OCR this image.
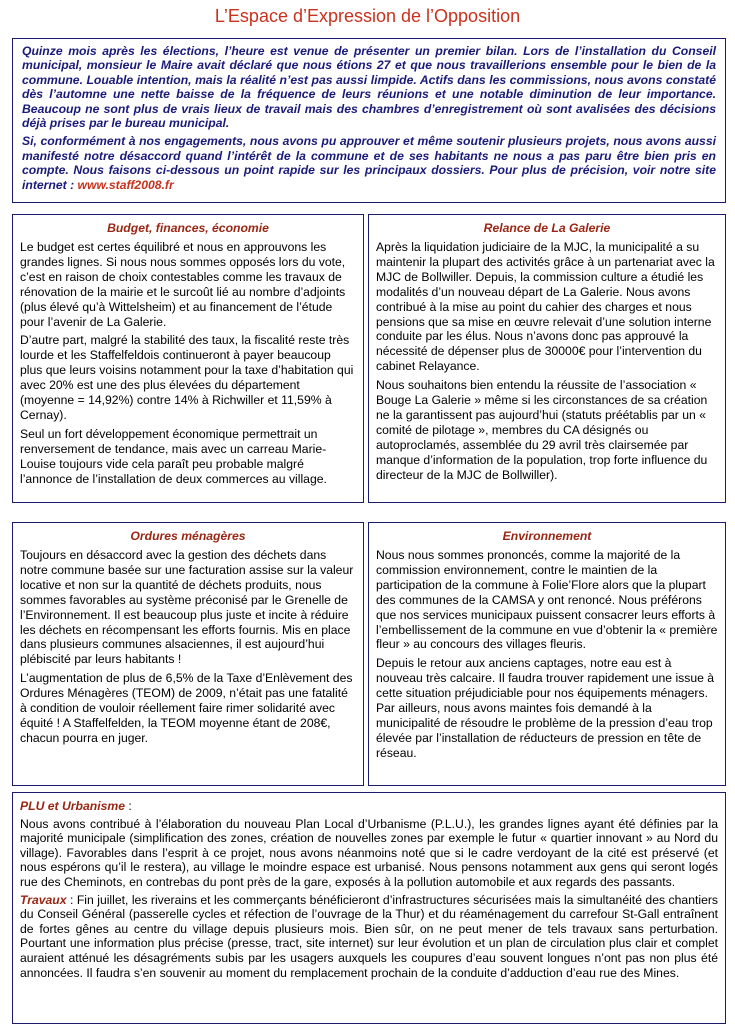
L’Espace d’Expression de l’Opposition

Quinze mois après les élections, l’heure est venue de présenter un premier bilan. Lors de l’installation du Conseil municipal, monsieur le Maire avait déclaré que nous étions 27 et que nous travaillerions ensemble pour le bien de la commune. Louable intention, mais la réalité n’est pas aussi limpide. Actifs dans les commissions, nous avons constaté dès l’automne une nette baisse de la fréquence de leurs réunions et une notable diminution de leur importance. Beaucoup ne sont plus de vrais lieux de travail mais des chambres d’enregistrement où sont avalisées des décisions déjà prises par le bureau municipal.

Si, conformément à nos engagements, nous avons pu approuver et même soutenir plusieurs projets, nous avons aussi manifesté notre désaccord quand l’intérêt de la commune et de ses habitants ne nous a pas paru être bien pris en compte. Nous faisons ci-dessous un point rapide sur les principaux dossiers. Pour plus de précision, voir notre site internet : www.staff2008.fr

Budget, finances, économie

Le budget est certes équilibré et nous en approuvons les grandes lignes. Si nous nous sommes opposés lors du vote, c’est en raison de choix contestables comme les travaux de rénovation de la mairie et le surcoût lié au nombre d’adjoints (plus élevé qu’à Wittelsheim) et au financement de l’étude pour l’avenir de La Galerie.

D’autre part, malgré la stabilité des taux, la fiscalité reste très lourde et les Staffelfeldois continueront à payer beaucoup plus que leurs voisins notamment pour la taxe d’habitation qui avec 20% est une des plus élevées du département (moyenne = 14,92%) contre 14% à Richwiller et 11,59% à Cernay).

Seul un fort développement économique permettrait un renversement de tendance, mais avec un carreau Marie-Louise toujours vide cela paraît peu probable malgré l’annonce de l’installation de deux commerces au village.

Relance de La Galerie

Après la liquidation judiciaire de la MJC, la municipalité a su maintenir la plupart des activités grâce à un partenariat avec la MJC de Bollwiller. Depuis, la commission culture a étudié les modalités d’un nouveau départ de La Galerie. Nous avons contribué à la mise au point du cahier des charges et nous pensions que sa mise en œuvre relevait d’une solution interne conduite par les élus. Nous n’avons donc pas approuvé la nécessité de dépenser plus de 30000€ pour l’intervention du cabinet Relayance.

Nous souhaitons bien entendu la réussite de l’association « Bouge La Galerie » même si les circonstances de sa création ne la garantissent pas aujourd’hui (statuts préétablis par un « comité de pilotage », membres du CA désignés ou autoproclamés, assemblée du 29 avril très clairsemée par manque d’information de la population, trop forte influence du directeur de la MJC de Bollwiller).

Ordures ménagères

Toujours en désaccord avec la gestion des déchets dans notre commune basée sur une facturation assise sur la valeur locative et non sur la quantité de déchets produits, nous sommes favorables au système préconisé par le Grenelle de l’Environnement. Il est beaucoup plus juste et incite à réduire les déchets en récompensant les efforts fournis. Mis en place dans plusieurs communes alsaciennes, il est aujourd’hui plébiscité par leurs habitants !

L’augmentation de plus de 6,5% de la Taxe d’Enlèvement des Ordures Ménagères (TEOM) de 2009, n’était pas une fatalité à condition de vouloir réellement faire rimer solidarité avec équité ! A Staffelfelden, la TEOM moyenne étant de 208€, chacun pourra en juger.

Environnement

Nous nous sommes prononcés, comme la majorité de la commission environnement, contre le maintien de la participation de la commune à Folie’Flore alors que la plupart des communes de la CAMSA y ont renoncé. Nous préférons que nos services municipaux puissent consacrer leurs efforts à l’embellissement de la commune en vue d’obtenir la « première fleur » au concours des villages fleuris.

Depuis le retour aux anciens captages, notre eau est à nouveau très calcaire. Il faudra trouver rapidement une issue à cette situation préjudiciable pour nos équipements ménagers. Par ailleurs, nous avons maintes fois demandé à la municipalité de résoudre le problème de la pression d’eau trop élevée par l’installation de réducteurs de pression en tête de réseau.

PLU et Urbanisme :

Nous avons contribué à l’élaboration du nouveau Plan Local d’Urbanisme (P.L.U.), les grandes lignes ayant été définies par la majorité municipale (simplification des zones, création de nouvelles zones par exemple le futur « quartier innovant » au Nord du village). Favorables dans l’esprit à ce projet, nous avons néanmoins noté que si le cadre verdoyant de la cité est préservé (et nous espérons qu’il le restera), au village le moindre espace est urbanisé. Nous pensons notamment aux gens qui seront logés rue des Cheminots, en contrebas du pont près de la gare, exposés à la pollution automobile et aux regards des passants.

Travaux : Fin juillet, les riverains et les commerçants bénéficieront d’infrastructures sécurisées mais la simultanéité des chantiers du Conseil Général (passerelle cycles et réfection de l’ouvrage de la Thur) et du réaménagement du carrefour St-Gall entraînent de fortes gênes au centre du village depuis plusieurs mois. Bien sûr, on ne peut mener de tels travaux sans perturbation. Pourtant une information plus précise (presse, tract, site internet) sur leur évolution et un plan de circulation plus clair et complet auraient atténué les désagréments subis par les usagers auxquels les coupures d’eau souvent longues n’ont pas non plus été annoncées. Il faudra s’en souvenir au moment du remplacement prochain de la conduite d’adduction d’eau rue des Mines.
